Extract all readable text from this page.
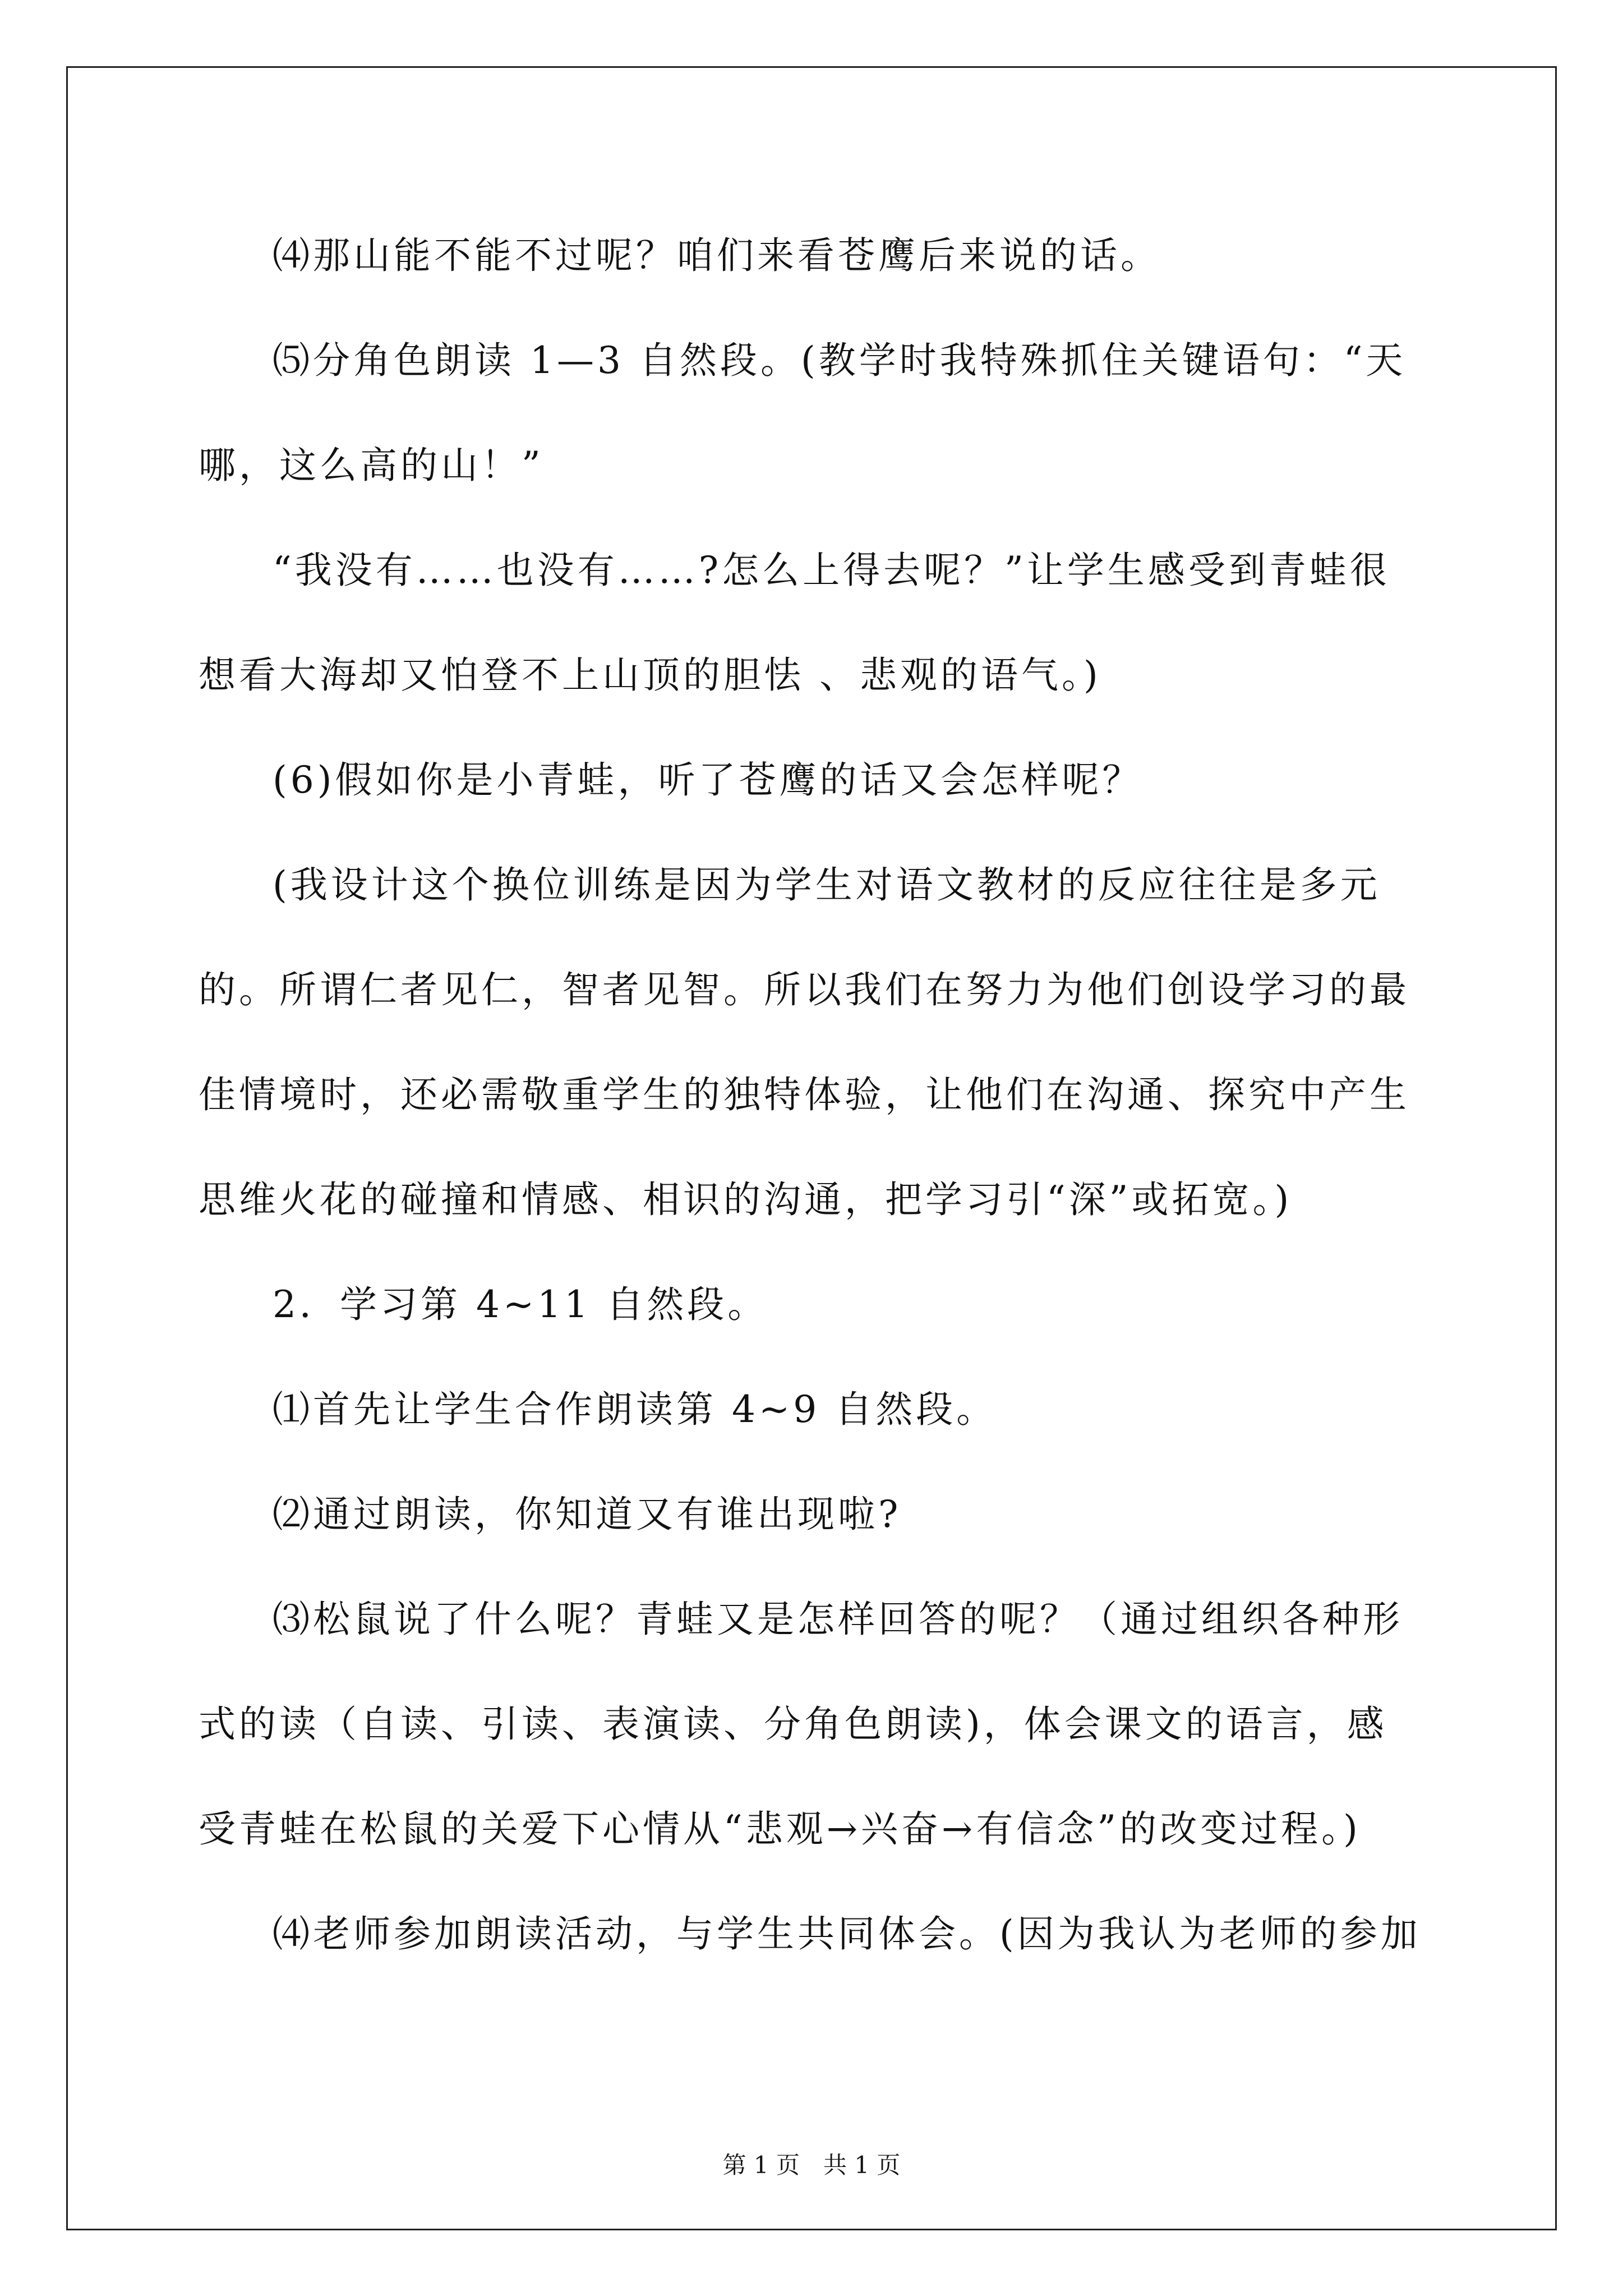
⑷那山能不能不过呢？咱们来看苍鹰后来说的话。

⑸分角色朗读 1—3 自然段。(教学时我特殊抓住关键语句：“天哪，这么高的山！”

“我没有……也没有……?怎么上得去呢？”让学生感受到青蛙很想看大海却又怕登不上山顶的胆怯 、悲观的语气。)

(6)假如你是小青蛙，听了苍鹰的话又会怎样呢？

(我设计这个换位训练是因为学生对语文教材的反应往往是多元的。所谓仁者见仁，智者见智。所以我们在努力为他们创设学习的最佳情境时，还必需敬重学生的独特体验，让他们在沟通、探究中产生思维火花的碰撞和情感、相识的沟通，把学习引“深”或拓宽。)

2．学习第 4~11 自然段。

⑴首先让学生合作朗读第 4~9 自然段。

⑵通过朗读，你知道又有谁出现啦?

⑶松鼠说了什么呢？青蛙又是怎样回答的呢？（通过组织各种形式的读（自读、引读、表演读、分角色朗读)，体会课文的语言，感受青蛙在松鼠的关爱下心情从“悲观→兴奋→有信念”的改变过程。)

⑷老师参加朗读活动，与学生共同体会。(因为我认为老师的参加

第 1 页　共 1 页
